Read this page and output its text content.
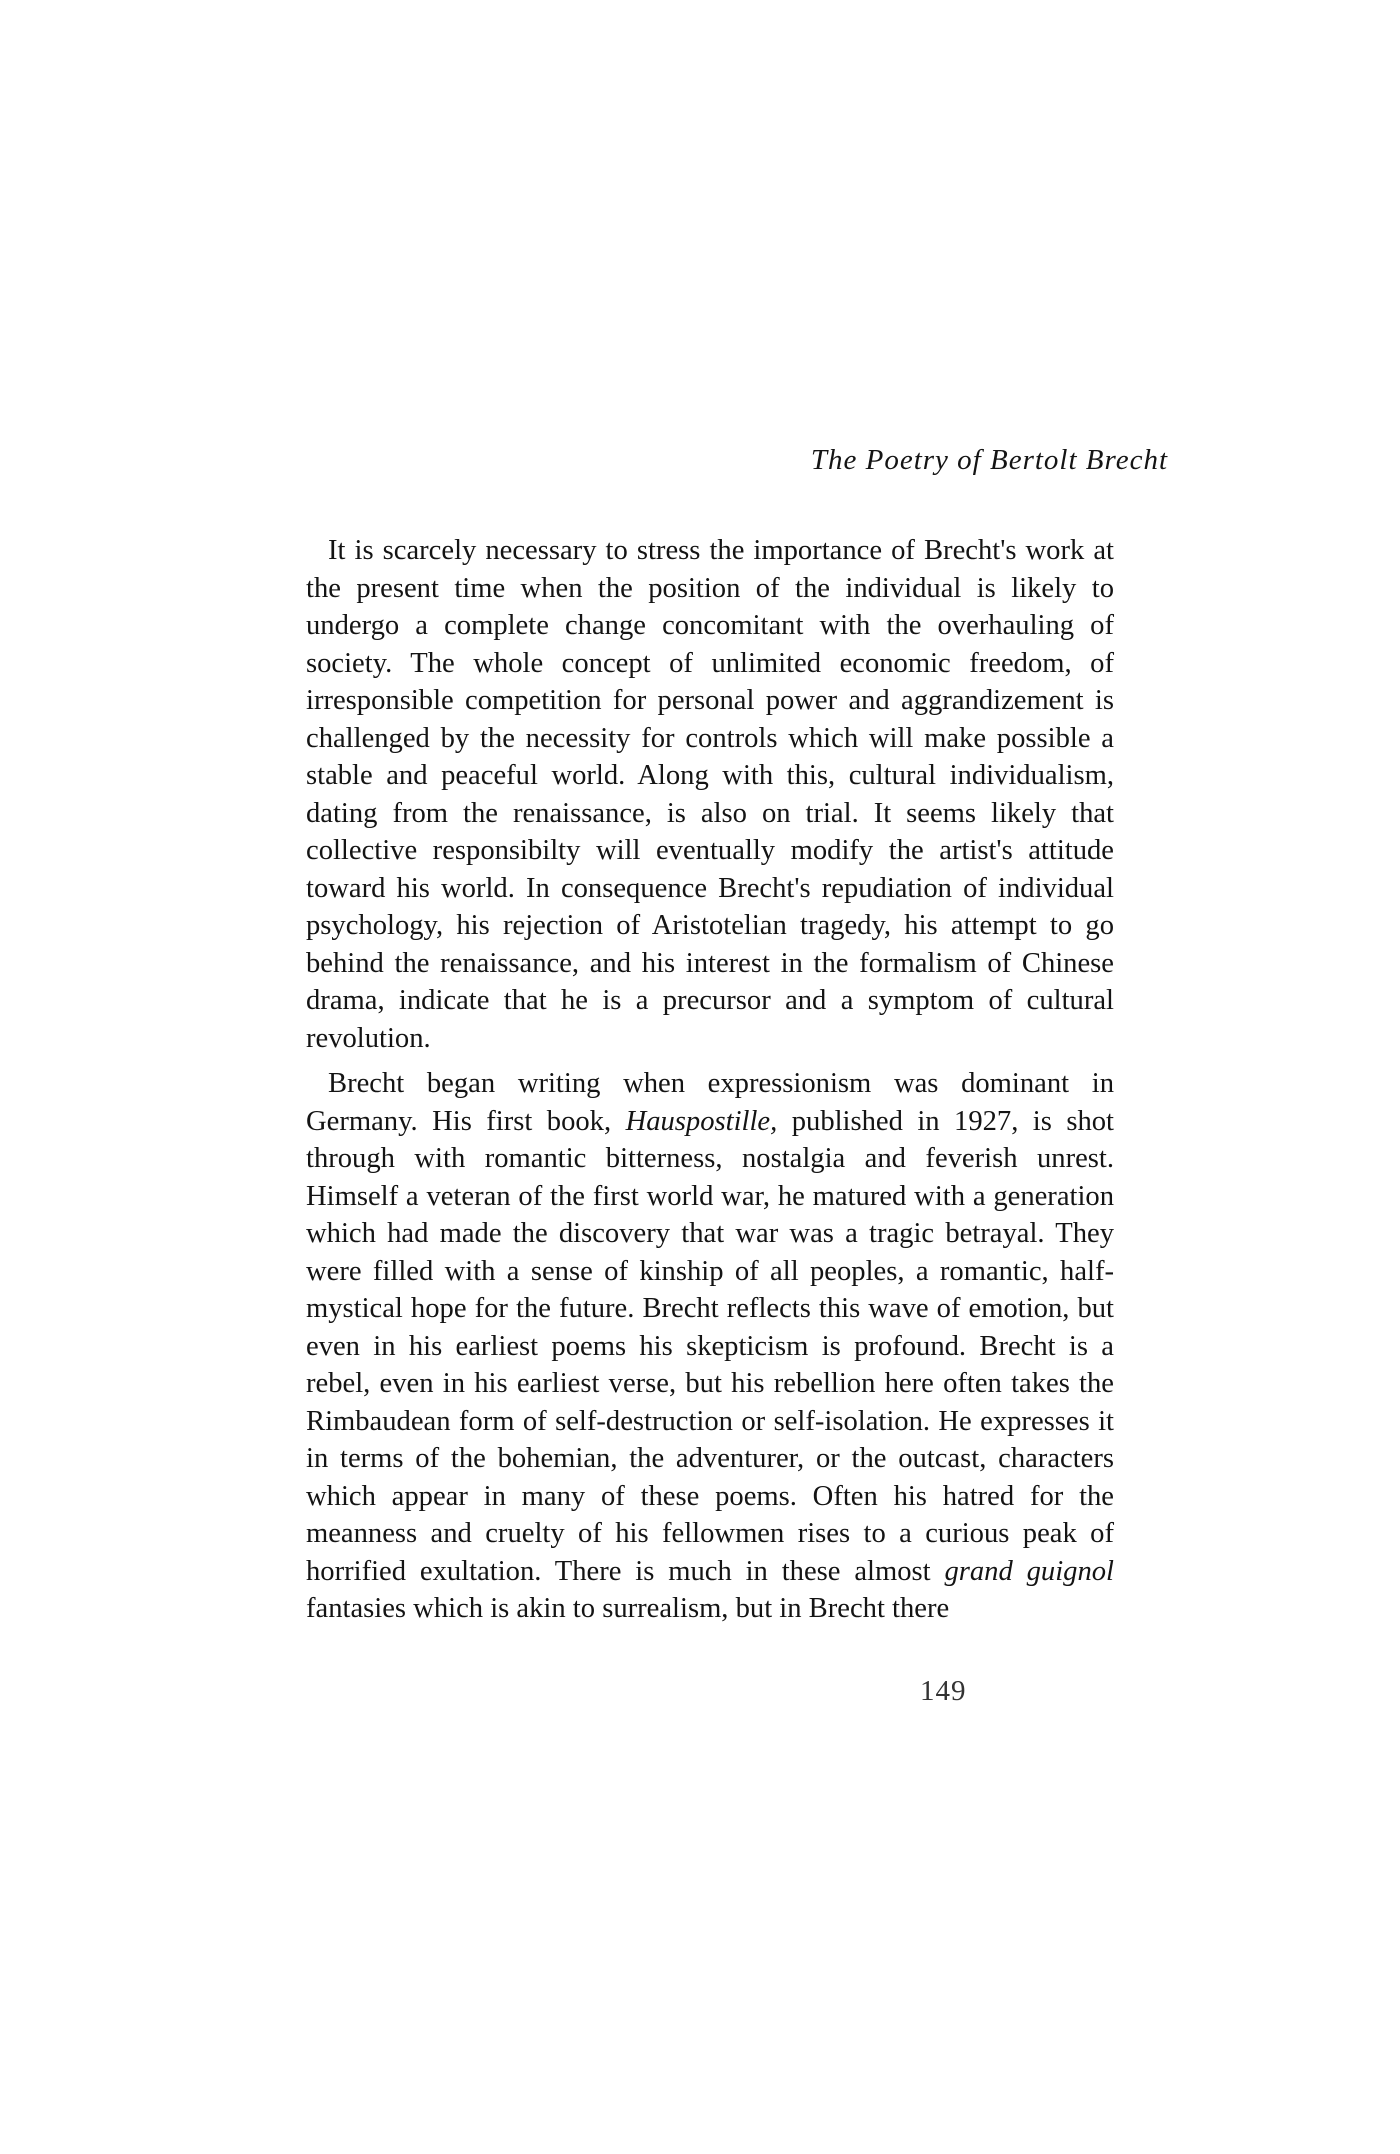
The Poetry of Bertolt Brecht

It is scarcely necessary to stress the importance of Brecht's work at the present time when the position of the individual is likely to undergo a complete change concomitant with the overhauling of society. The whole concept of unlimited economic freedom, of irresponsible competition for personal power and aggrandizement is challenged by the necessity for controls which will make possible a stable and peaceful world. Along with this, cultural individualism, dating from the renaissance, is also on trial. It seems likely that collective responsibilty will eventually modify the artist's attitude toward his world. In consequence Brecht's repudiation of individual psychology, his rejection of Aristotelian tragedy, his attempt to go behind the renaissance, and his interest in the formalism of Chinese drama, indicate that he is a precursor and a symptom of cultural revolution.

Brecht began writing when expressionism was dominant in Germany. His first book, Hauspostille, published in 1927, is shot through with romantic bitterness, nostalgia and feverish unrest. Himself a veteran of the first world war, he matured with a generation which had made the discovery that war was a tragic betrayal. They were filled with a sense of kinship of all peoples, a romantic, half-mystical hope for the future. Brecht reflects this wave of emotion, but even in his earliest poems his skepticism is profound. Brecht is a rebel, even in his earliest verse, but his rebellion here often takes the Rimbaudean form of self-destruction or self-isolation. He expresses it in terms of the bohemian, the adventurer, or the outcast, characters which appear in many of these poems. Often his hatred for the meanness and cruelty of his fellowmen rises to a curious peak of horrified exultation. There is much in these almost grand guignol fantasies which is akin to surrealism, but in Brecht there

149
